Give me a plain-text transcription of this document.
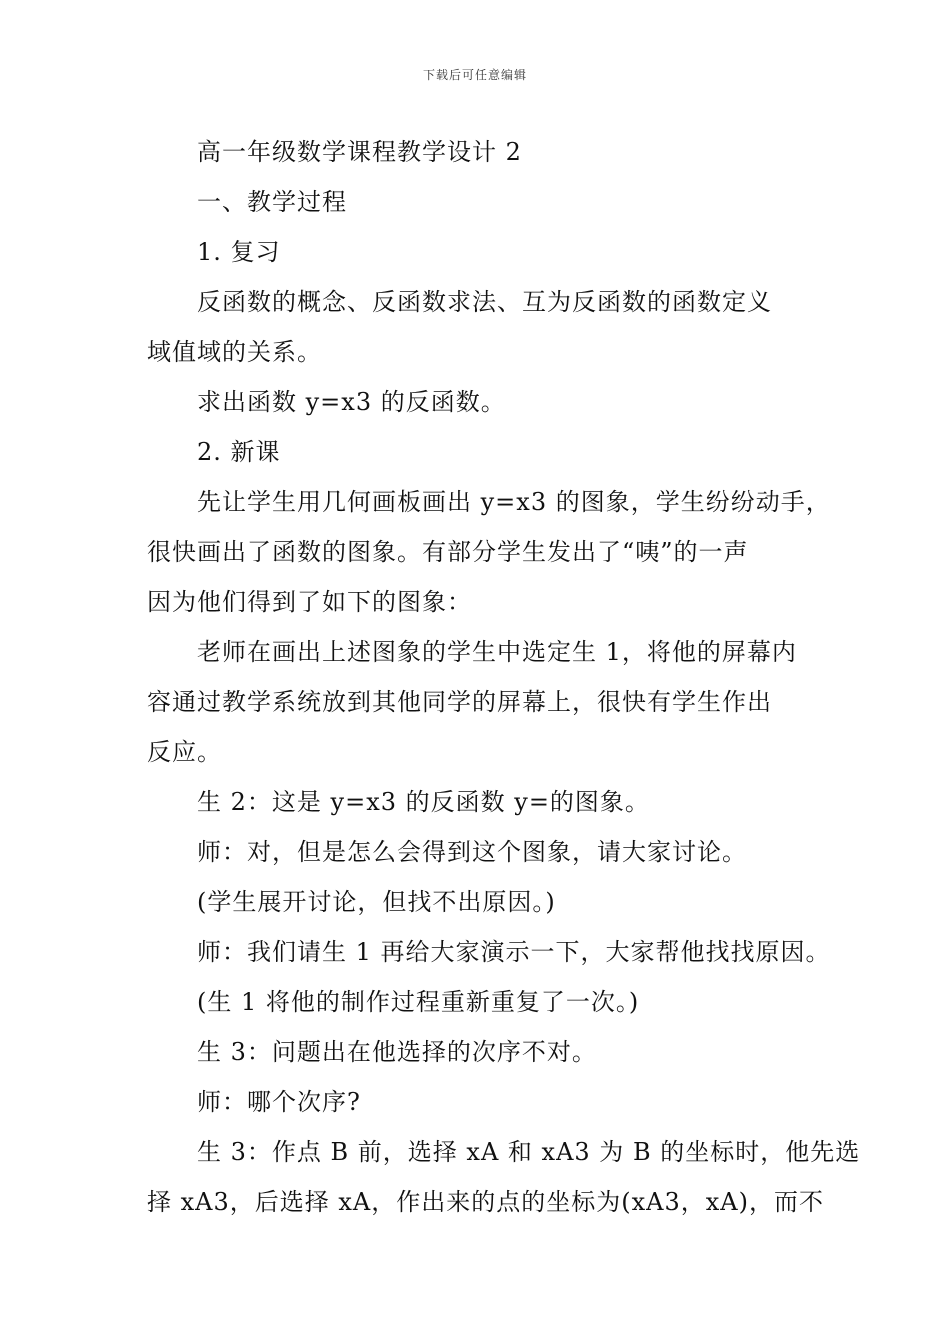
下载后可任意编辑
高一年级数学课程教学设计 2
一、教学过程
1. 复习
反函数的概念、反函数求法、互为反函数的函数定义
域值域的关系。
求出函数 y=x3 的反函数。
2. 新课
先让学生用几何画板画出 y=x3 的图象，学生纷纷动手，
很快画出了函数的图象。有部分学生发出了“咦”的一声
因为他们得到了如下的图象：
老师在画出上述图象的学生中选定生 1，将他的屏幕内
容通过教学系统放到其他同学的屏幕上，很快有学生作出
反应。
生 2：这是 y=x3 的反函数 y=的图象。
师：对，但是怎么会得到这个图象，请大家讨论。
(学生展开讨论，但找不出原因。)
师：我们请生 1 再给大家演示一下，大家帮他找找原因。
(生 1 将他的制作过程重新重复了一次。)
生 3：问题出在他选择的次序不对。
师：哪个次序?
生 3：作点 B 前，选择 xA 和 xA3 为 B 的坐标时，他先选
择 xA3，后选择 xA，作出来的点的坐标为(xA3，xA)，而不
